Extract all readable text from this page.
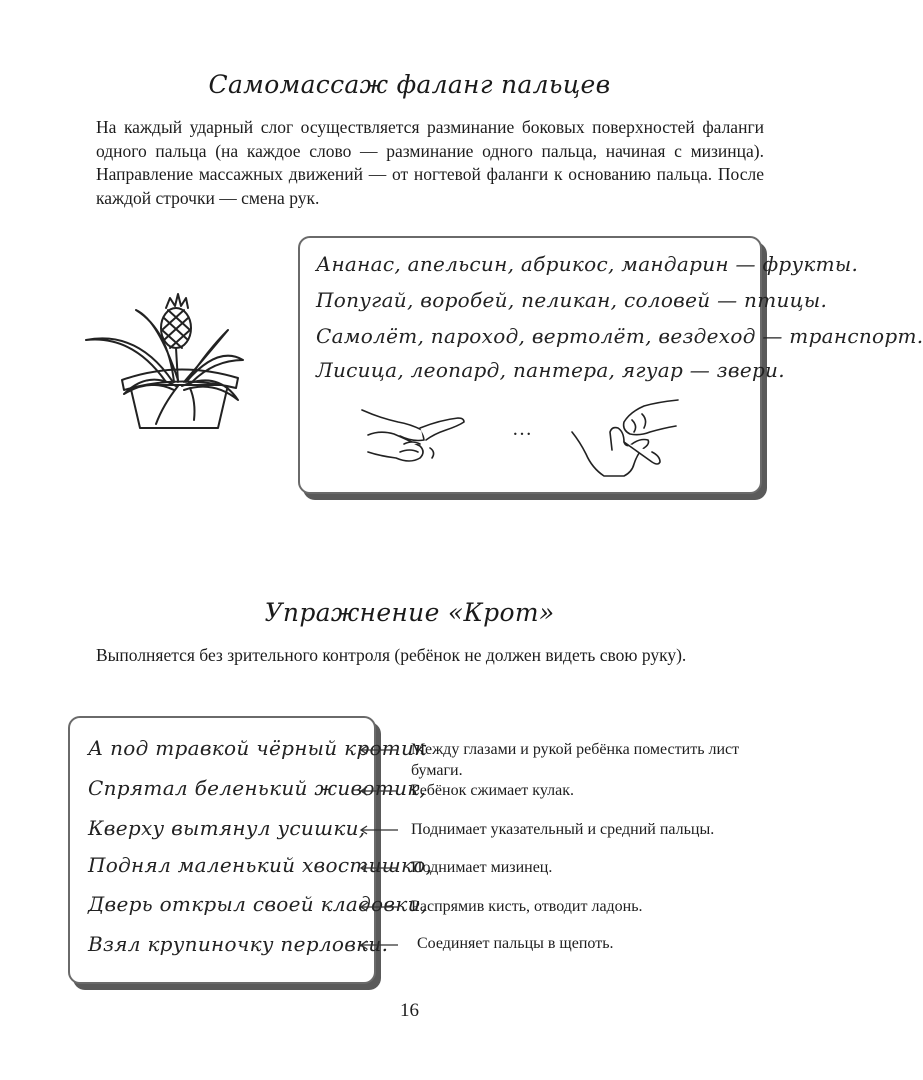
Самомассаж фаланг пальцев
На каждый ударный слог осуществляется разминание боковых поверхностей фаланги одного пальца (на каждое слово — разминание одного пальца, начиная с мизинца). Направление массажных движений — от ногтевой фаланги к основанию пальца. После каждой строчки — смена рук.
Ананас, апельсин, абрикос, мандарин — фрукты.
Попугай, воробей, пеликан, соловей — птицы.
Самолёт, пароход, вертолёт, вездеход — транспорт.
Лисица, леопард, пантера, ягуар — звери.
…
Упражнение «Крот»
Выполняется без зрительного контроля (ребёнок не должен видеть свою руку).
А под травкой чёрный кротик
Спрятал беленький животик,
Кверху вытянул усишки,
Поднял маленький хвостишко,
Дверь открыл своей кладовки,
Взял крупиночку перловки.
Между глазами и рукой ребёнка поместить лист бумаги.
Ребёнок сжимает кулак.
Поднимает указательный и средний пальцы.
Поднимает мизинец.
Распрямив кисть, отводит ладонь.
Соединяет пальцы в щепоть.
16
